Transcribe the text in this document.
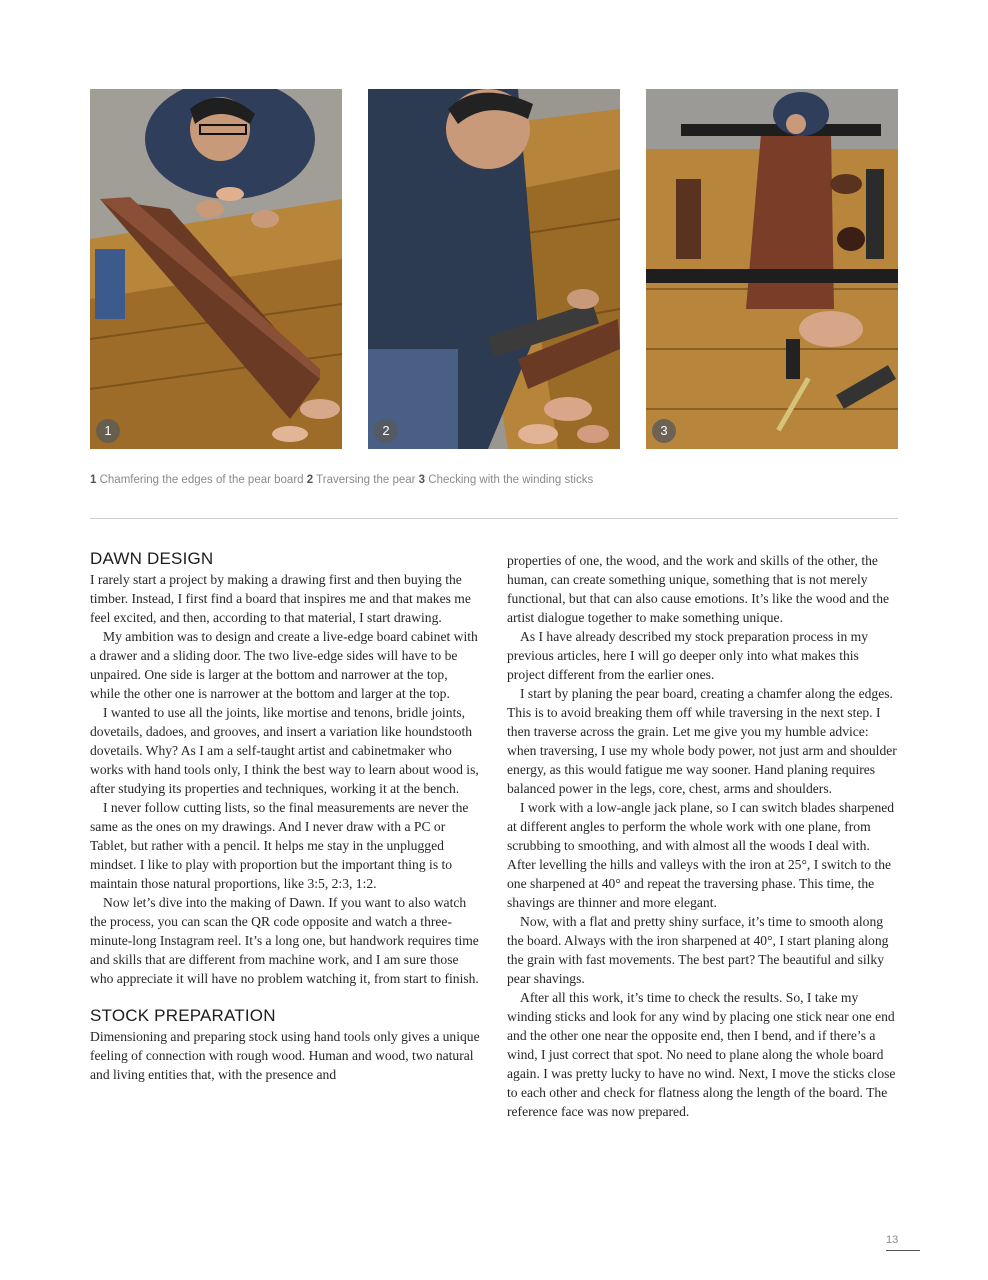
1	2	3
1 Chamfering the edges of the pear board 2 Traversing the pear 3 Checking with the winding sticks
DAWN DESIGN

I rarely start a project by making a drawing first and then buying the timber. Instead, I first find a board that inspires me and that makes me feel excited, and then, according to that material, I start drawing.

My ambition was to design and create a live-edge board cabinet with a drawer and a sliding door. The two live-edge sides will have to be unpaired. One side is larger at the bottom and narrower at the top, while the other one is narrower at the bottom and larger at the top.

I wanted to use all the joints, like mortise and tenons, bridle joints, dovetails, dadoes, and grooves, and insert a variation like houndstooth dovetails. Why? As I am a self-taught artist and cabinetmaker who works with hand tools only, I think the best way to learn about wood is, after studying its properties and techniques, working it at the bench.

I never follow cutting lists, so the final measurements are never the same as the ones on my drawings. And I never draw with a PC or Tablet, but rather with a pencil. It helps me stay in the unplugged mindset. I like to play with proportion but the important thing is to maintain those natural proportions, like 3:5, 2:3, 1:2.

Now let’s dive into the making of Dawn. If you want to also watch the process, you can scan the QR code opposite and watch a three-minute-long Instagram reel. It’s a long one, but handwork requires time and skills that are different from machine work, and I am sure those who appreciate it will have no problem watching it, from start to finish.

STOCK PREPARATION

Dimensioning and preparing stock using hand tools only gives a unique feeling of connection with rough wood. Human and wood, two natural and living entities that, with the presence and

properties of one, the wood, and the work and skills of the other, the human, can create something unique, something that is not merely functional, but that can also cause emotions. It’s like the wood and the artist dialogue together to make something unique.

As I have already described my stock preparation process in my previous articles, here I will go deeper only into what makes this project different from the earlier ones.

I start by planing the pear board, creating a chamfer along the edges. This is to avoid breaking them off while traversing in the next step. I then traverse across the grain. Let me give you my humble advice: when traversing, I use my whole body power, not just arm and shoulder energy, as this would fatigue me way sooner. Hand planing requires balanced power in the legs, core, chest, arms and shoulders.

I work with a low-angle jack plane, so I can switch blades sharpened at different angles to perform the whole work with one plane, from scrubbing to smoothing, and with almost all the woods I deal with. After levelling the hills and valleys with the iron at 25°, I switch to the one sharpened at 40° and repeat the traversing phase. This time, the shavings are thinner and more elegant.

Now, with a flat and pretty shiny surface, it’s time to smooth along the board. Always with the iron sharpened at 40°, I start planing along the grain with fast movements. The best part? The beautiful and silky pear shavings.

After all this work, it’s time to check the results. So, I take my winding sticks and look for any wind by placing one stick near one end and the other one near the opposite end, then I bend, and if there’s a wind, I just correct that spot. No need to plane along the whole board again. I was pretty lucky to have no wind. Next, I move the sticks close to each other and check for flatness along the length of the board. The reference face was now prepared.

13
